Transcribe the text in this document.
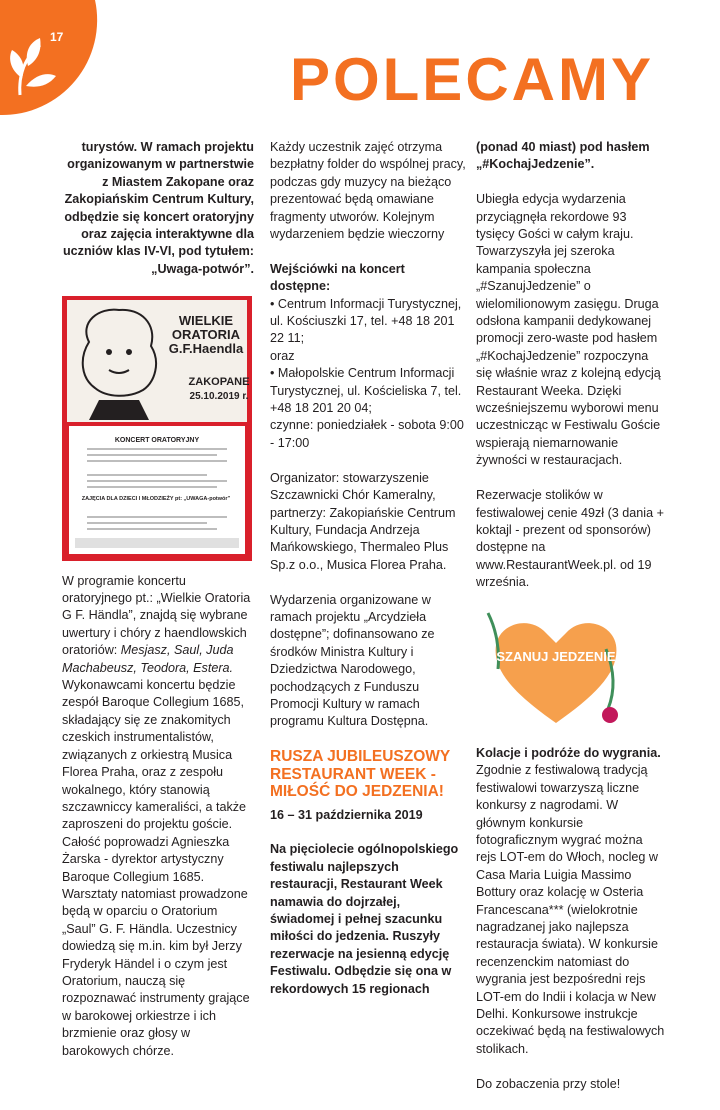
17
POLECAMY

turystów. W ramach projektu organizowanym w partnerstwie z Miastem Zakopane oraz Zakopiańskim Centrum Kultury, odbędzie się koncert oratoryjny oraz zajęcia interaktywne dla uczniów klas IV-VI, pod tytułem: „Uwaga-potwór”.

WIELKIE ORATORIA G.F.Haendla
ZAKOPANE
25.10.2019 r.
KONCERT ORATORYJNY
ZAJĘCIA DLA DZIECI I MŁODZIEŻY pt: „UWAGA-potwór”

W programie koncertu oratoryjnego pt.: „Wielkie Oratoria G F. Händla”, znajdą się wybrane uwertury i chóry z haendlowskich oratoriów: Mesjasz, Saul, Juda Machabeusz, Teodora, Estera. Wykonawcami koncertu będzie zespół Baroque Collegium 1685, składający się ze znakomitych czeskich instrumentalistów, związanych z orkiestrą Musica Florea Praha, oraz z zespołu wokalnego, który stanowią szczawniccy kameraliści, a także zaproszeni do projektu goście. Całość poprowadzi Agnieszka Żarska - dyrektor artystyczny Baroque Collegium 1685. Warsztaty natomiast prowadzone będą w oparciu o Oratorium „Saul” G. F. Händla. Uczestnicy dowiedzą się m.in. kim był Jerzy Fryderyk Händel i o czym jest Oratorium, nauczą się rozpoznawać instrumenty grające w barokowej orkiestrze i ich brzmienie oraz głosy w barokowych chórze.

Każdy uczestnik zajęć otrzyma bezpłatny folder do wspólnej pracy, podczas gdy muzycy na bieżąco prezentować będą omawiane fragmenty utworów. Kolejnym wydarzeniem będzie wieczorny

Wejściówki na koncert dostępne:

• Centrum Informacji Turystycznej, ul. Kościuszki 17, tel. +48 18 201 22 11;

oraz

• Małopolskie Centrum Informacji Turystycznej, ul. Kościeliska 7, tel. +48 18 201 20 04;

czynne: poniedziałek - sobota 9:00 - 17:00

Organizator: stowarzyszenie Szczawnicki Chór Kameralny, partnerzy: Zakopiańskie Centrum Kultury, Fundacja Andrzeja Mańkowskiego, Thermaleo Plus Sp.z o.o., Musica Florea Praha.

Wydarzenia organizowane w ramach projektu „Arcydzieła dostępne”; dofinansowano ze środków Ministra Kultury i Dziedzictwa Narodowego, pochodzących z Funduszu Promocji Kultury w ramach programu Kultura Dostępna.

RUSZA JUBILEUSZOWY RESTAURANT WEEK - MIŁOŚĆ DO JEDZENIA!

16 – 31 października 2019

Na pięciolecie ogólnopolskiego festiwalu najlepszych restauracji, Restaurant Week namawia do dojrzałej, świadomej i pełnej szacunku miłości do jedzenia. Ruszyły rezerwacje na jesienną edycję Festiwalu. Odbędzie się ona w rekordowych 15 regionach

(ponad 40 miast) pod hasłem „#KochajJedzenie”.

Ubiegła edycja wydarzenia przyciągnęła rekordowe 93 tysięcy Gości w całym kraju. Towarzyszyła jej szeroka kampania społeczna „#SzanujJedzenie” o wielomilionowym zasięgu. Druga odsłona kampanii dedykowanej promocji zero-waste pod hasłem „#KochajJedzenie” rozpoczyna się właśnie wraz z kolejną edycją Restaurant Weeka. Dzięki wcześniejszemu wyborowi menu uczestnicząc w Festiwalu Goście wspierają niemarnowanie żywności w restauracjach.

Rezerwacje stolików w festiwalowej cenie 49zł (3 dania + koktajl - prezent od sponsorów) dostępne na www.RestaurantWeek.pl. od 19 września.

SZANUJ JEDZENIE

Kolacje i podróże do wygrania.

Zgodnie z festiwalową tradycją festiwalowi towarzyszą liczne konkursy z nagrodami. W głównym konkursie fotograficznym wygrać można rejs LOT-em do Włoch, nocleg w Casa Maria Luigia Massimo Bottury oraz kolację w Osteria Francescana*** (wielokrotnie nagradzanej jako najlepsza restauracja świata). W konkursie recenzenckim natomiast do wygrania jest bezpośredni rejs LOT-em do Indii i kolacja w New Delhi. Konkursowe instrukcje oczekiwać będą na festiwalowych stolikach.

Do zobaczenia przy stole!
